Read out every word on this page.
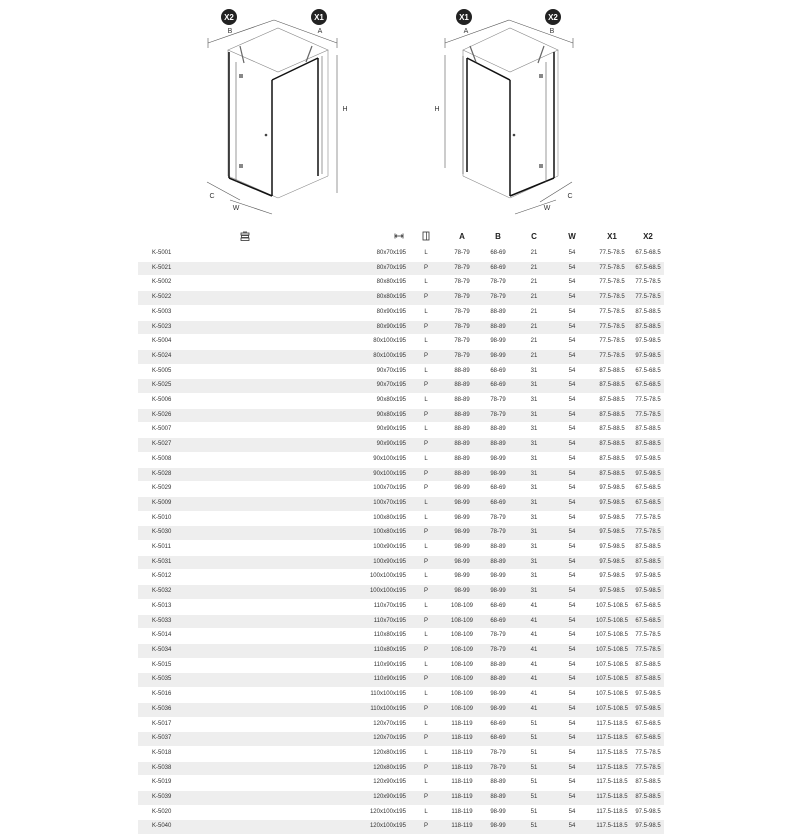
X2	X1
B	A
H
C
W
X1	X2
A	B
H
C
W
				A	B	C	W	X1	X2
K-5001		80x70x195	L	78-79	68-69	21	54	77.5-78.5	67.5-68.5
K-5021		80x70x195	P	78-79	68-69	21	54	77.5-78.5	67.5-68.5
K-5002		80x80x195	L	78-79	78-79	21	54	77.5-78.5	77.5-78.5
K-5022		80x80x195	P	78-79	78-79	21	54	77.5-78.5	77.5-78.5
K-5003		80x90x195	L	78-79	88-89	21	54	77.5-78.5	87.5-88.5
K-5023		80x90x195	P	78-79	88-89	21	54	77.5-78.5	87.5-88.5
K-5004		80x100x195	L	78-79	98-99	21	54	77.5-78.5	97.5-98.5
K-5024		80x100x195	P	78-79	98-99	21	54	77.5-78.5	97.5-98.5
K-5005		90x70x195	L	88-89	68-69	31	54	87.5-88.5	67.5-68.5
K-5025		90x70x195	P	88-89	68-69	31	54	87.5-88.5	67.5-68.5
K-5006		90x80x195	L	88-89	78-79	31	54	87.5-88.5	77.5-78.5
K-5026		90x80x195	P	88-89	78-79	31	54	87.5-88.5	77.5-78.5
K-5007		90x90x195	L	88-89	88-89	31	54	87.5-88.5	87.5-88.5
K-5027		90x90x195	P	88-89	88-89	31	54	87.5-88.5	87.5-88.5
K-5008		90x100x195	L	88-89	98-99	31	54	87.5-88.5	97.5-98.5
K-5028		90x100x195	P	88-89	98-99	31	54	87.5-88.5	97.5-98.5
K-5029		100x70x195	P	98-99	68-69	31	54	97.5-98.5	67.5-68.5
K-5009		100x70x195	L	98-99	68-69	31	54	97.5-98.5	67.5-68.5
K-5010		100x80x195	L	98-99	78-79	31	54	97.5-98.5	77.5-78.5
K-5030		100x80x195	P	98-99	78-79	31	54	97.5-98.5	77.5-78.5
K-5011		100x90x195	L	98-99	88-89	31	54	97.5-98.5	87.5-88.5
K-5031		100x90x195	P	98-99	88-89	31	54	97.5-98.5	87.5-88.5
K-5012		100x100x195	L	98-99	98-99	31	54	97.5-98.5	97.5-98.5
K-5032		100x100x195	P	98-99	98-99	31	54	97.5-98.5	97.5-98.5
K-5013		110x70x195	L	108-109	68-69	41	54	107.5-108.5	67.5-68.5
K-5033		110x70x195	P	108-109	68-69	41	54	107.5-108.5	67.5-68.5
K-5014		110x80x195	L	108-109	78-79	41	54	107.5-108.5	77.5-78.5
K-5034		110x80x195	P	108-109	78-79	41	54	107.5-108.5	77.5-78.5
K-5015		110x90x195	L	108-109	88-89	41	54	107.5-108.5	87.5-88.5
K-5035		110x90x195	P	108-109	88-89	41	54	107.5-108.5	87.5-88.5
K-5016		110x100x195	L	108-109	98-99	41	54	107.5-108.5	97.5-98.5
K-5036		110x100x195	P	108-109	98-99	41	54	107.5-108.5	97.5-98.5
K-5017		120x70x195	L	118-119	68-69	51	54	117.5-118.5	67.5-68.5
K-5037		120x70x195	P	118-119	68-69	51	54	117.5-118.5	67.5-68.5
K-5018		120x80x195	L	118-119	78-79	51	54	117.5-118.5	77.5-78.5
K-5038		120x80x195	P	118-119	78-79	51	54	117.5-118.5	77.5-78.5
K-5019		120x90x195	L	118-119	88-89	51	54	117.5-118.5	87.5-88.5
K-5039		120x90x195	P	118-119	88-89	51	54	117.5-118.5	87.5-88.5
K-5020		120x100x195	L	118-119	98-99	51	54	117.5-118.5	97.5-98.5
K-5040		120x100x195	P	118-119	98-99	51	54	117.5-118.5	97.5-98.5
